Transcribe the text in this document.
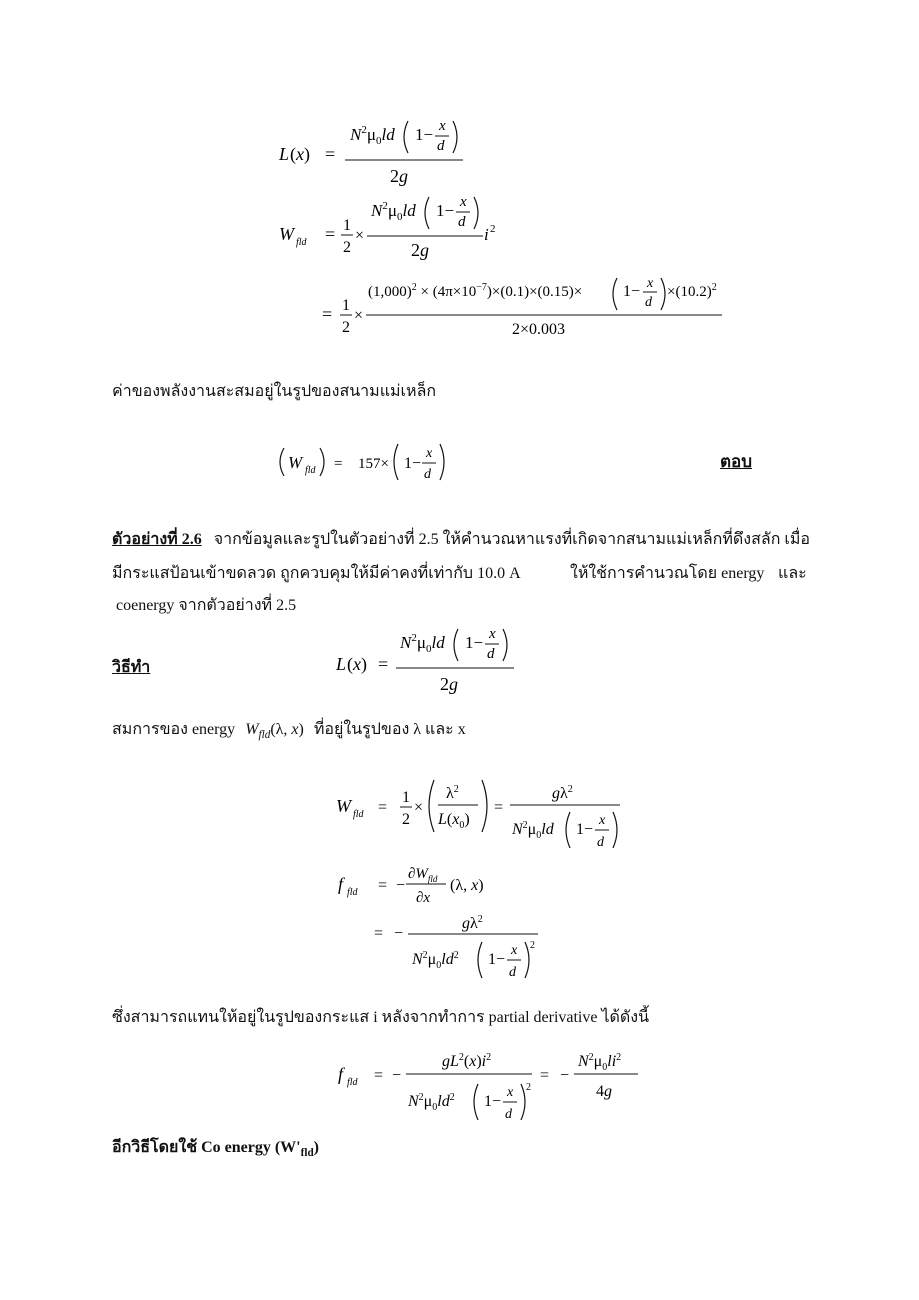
L (x) =
$N^2\mu_0ld$ 1− x
d
2g
W fld = 1
2
×
$N^2\mu_0ld$ 1− x
d
2g
i 2
= 1
2
×
$(1,000)^2 \times (4\pi\times 10^{-7})\times(0.1)\times(0.15)\times$	1− x
d
$\times(10.2)^2$
2×0.003
ค่าของพลังงานสะสมอยู่ในรูปของสนามแม่เหล็ก
W fld = 157× 1−
x
d
ตอบ
ตัวอย่างที่ 2.6 จากข้อมูลและรูปในตัวอย่างที่ 2.5 ให้คำนวณหาแรงที่เกิดจากสนามแม่เหล็กที่ดึงสลัก เมื่อ
มีกระแสป้อนเข้าขดลวด ถูกควบคุมให้มีค่าคงที่เท่ากับ 10.0 A	ให้ใช้การคำนวณโดย energy และ
coenergy จากตัวอย่างที่ 2.5
วิธีทำ	L (x) =
$N^2\mu_0ld$ 1− x
d
2g
สมการของ energy $W_{fld}(\lambda$, x) ที่อยู่ในรูปของ λ และ x
W fld =
1
2
×
$\lambda^2$
$L(x_0)$
=
$g\lambda^2$
$N^2\mu_0ld$ 1−
x
d
f fld = −
$\partial W_{fld}$
∂x
(λ, x)
= −
$g\lambda^2$
$N^2\mu_0ld^2$ 1−
x
d
2
ซึ่งสามารถแทนให้อยู่ในรูปของกระแส i หลังจากทำการ partial derivative ได้ดังนี้
f fld = −
$gL^2(x)i^2$
$N^2\mu_0ld^2$ 1−
x
d
2
= −
$N^2\mu_0li^2$
4g
อีกวิธีโดยใช้ Co energy $(W'_{fld})$
